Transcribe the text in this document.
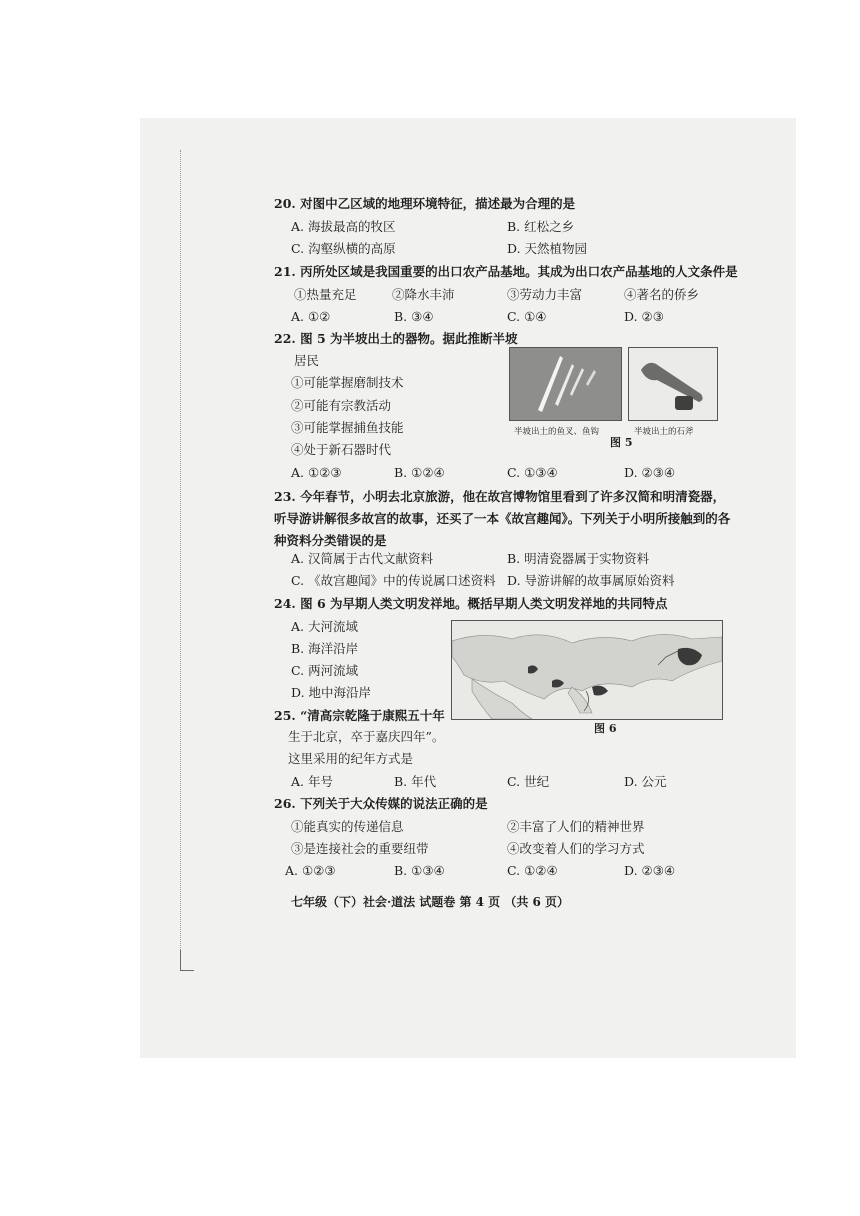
20. 对图中乙区域的地理环境特征，描述最为合理的是
A. 海拔最高的牧区	B. 红松之乡
C. 沟壑纵横的高原	D. 天然植物园
21. 丙所处区域是我国重要的出口农产品基地。其成为出口农产品基地的人文条件是
①热量充足	②降水丰沛	③劳动力丰富	④著名的侨乡
A. ①②	B. ③④	C. ①④	D. ②③
22. 图 5 为半坡出土的器物。据此推断半坡
居民
①可能掌握磨制技术
②可能有宗教活动
③可能掌握捕鱼技能
④处于新石器时代
A. ①②③	B. ①②④	C. ①③④	D. ②③④
半坡出土的鱼叉、鱼钩	半坡出土的石斧
图 5
23. 今年春节，小明去北京旅游，他在故宫博物馆里看到了许多汉简和明清瓷器，听导游讲解很多故宫的故事，还买了一本《故宫趣闻》。下列关于小明所接触到的各种资料分类错误的是
A. 汉简属于古代文献资料	B. 明清瓷器属于实物资料
C. 《故宫趣闻》中的传说属口述资料 D. 导游讲解的故事属原始资料
24. 图 6 为早期人类文明发祥地。概括早期人类文明发祥地的共同特点
A. 大河流域
B. 海洋沿岸
C. 两河流域
D. 地中海沿岸
图 6
25. “清高宗乾隆于康熙五十年
生于北京，卒于嘉庆四年”。
这里采用的纪年方式是
A. 年号	B. 年代	C. 世纪	D. 公元
26. 下列关于大众传媒的说法正确的是
①能真实的传递信息	②丰富了人们的精神世界
③是连接社会的重要纽带	④改变着人们的学习方式
A. ①②③	B. ①③④	C. ①②④	D. ②③④
七年级（下）社会·道法 试题卷 第 4 页 （共 6 页）
